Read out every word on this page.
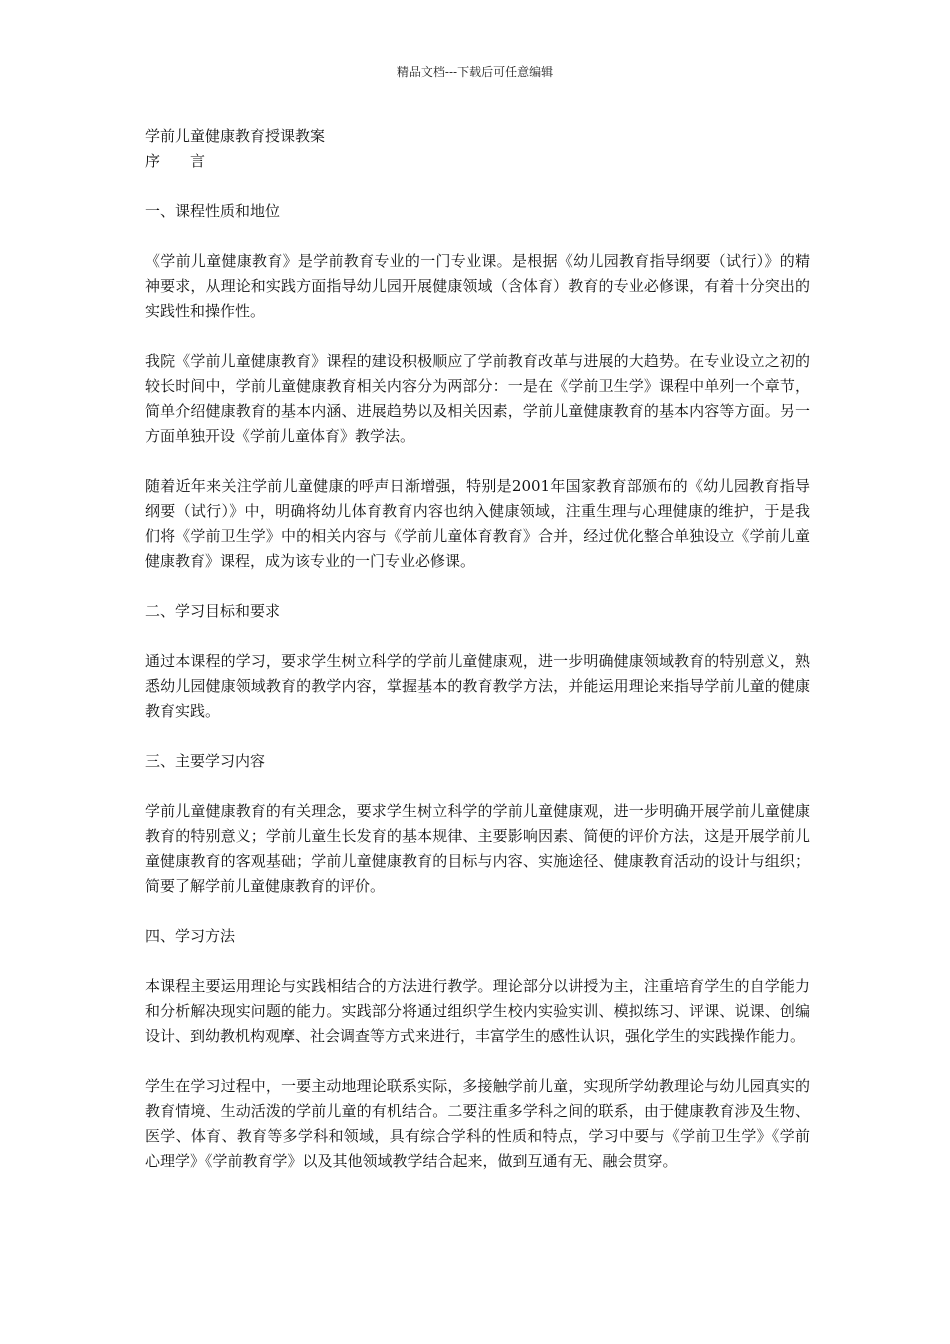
精品文档---下载后可任意编辑
学前儿童健康教育授课教案
序　　言
一、课程性质和地位
《学前儿童健康教育》是学前教育专业的一门专业课。是根据《幼儿园教育指导纲要（试行）》的精神要求，从理论和实践方面指导幼儿园开展健康领域（含体育）教育的专业必修课，有着十分突出的实践性和操作性。
我院《学前儿童健康教育》课程的建设积极顺应了学前教育改革与进展的大趋势。在专业设立之初的较长时间中，学前儿童健康教育相关内容分为两部分：一是在《学前卫生学》课程中单列一个章节，简单介绍健康教育的基本内涵、进展趋势以及相关因素，学前儿童健康教育的基本内容等方面。另一方面单独开设《学前儿童体育》教学法。
随着近年来关注学前儿童健康的呼声日渐增强，特别是2001年国家教育部颁布的《幼儿园教育指导纲要（试行）》中，明确将幼儿体育教育内容也纳入健康领域，注重生理与心理健康的维护，于是我们将《学前卫生学》中的相关内容与《学前儿童体育教育》合并，经过优化整合单独设立《学前儿童健康教育》课程，成为该专业的一门专业必修课。
二、学习目标和要求
通过本课程的学习，要求学生树立科学的学前儿童健康观，进一步明确健康领域教育的特别意义，熟悉幼儿园健康领域教育的教学内容，掌握基本的教育教学方法，并能运用理论来指导学前儿童的健康教育实践。
三、主要学习内容
学前儿童健康教育的有关理念，要求学生树立科学的学前儿童健康观，进一步明确开展学前儿童健康教育的特别意义；学前儿童生长发育的基本规律、主要影响因素、简便的评价方法，这是开展学前儿童健康教育的客观基础；学前儿童健康教育的目标与内容、实施途径、健康教育活动的设计与组织；简要了解学前儿童健康教育的评价。
四、学习方法
本课程主要运用理论与实践相结合的方法进行教学。理论部分以讲授为主，注重培育学生的自学能力和分析解决现实问题的能力。实践部分将通过组织学生校内实验实训、模拟练习、评课、说课、创编设计、到幼教机构观摩、社会调查等方式来进行，丰富学生的感性认识，强化学生的实践操作能力。
学生在学习过程中，一要主动地理论联系实际，多接触学前儿童，实现所学幼教理论与幼儿园真实的教育情境、生动活泼的学前儿童的有机结合。二要注重多学科之间的联系，由于健康教育涉及生物、医学、体育、教育等多学科和领域，具有综合学科的性质和特点，学习中要与《学前卫生学》《学前心理学》《学前教育学》以及其他领域教学结合起来，做到互通有无、融会贯穿。
